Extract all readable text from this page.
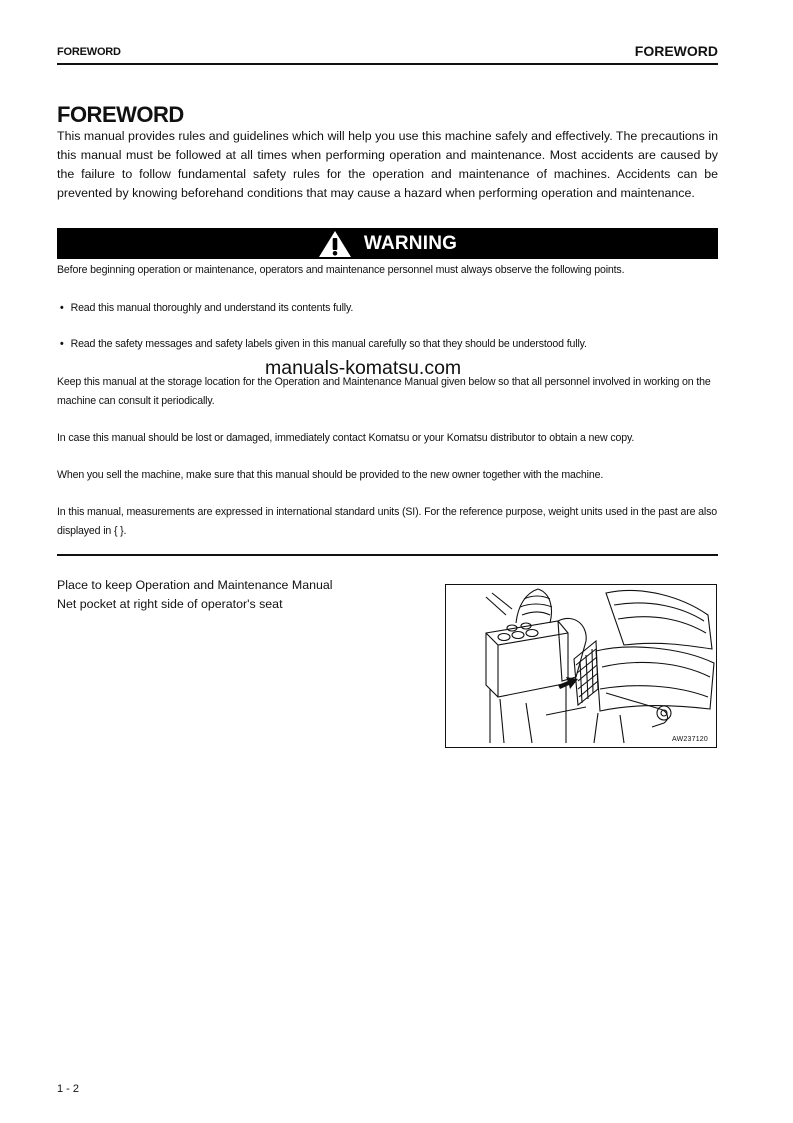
FOREWORD	FOREWORD
FOREWORD

This manual provides rules and guidelines which will help you use this machine safely and effectively. The precautions in this manual must be followed at all times when performing operation and maintenance. Most accidents are caused by the failure to follow fundamental safety rules for the operation and maintenance of machines. Accidents can be prevented by knowing beforehand conditions that may cause a hazard when performing operation and maintenance.

WARNING

Before beginning operation or maintenance, operators and maintenance personnel must always observe the following points.

• Read this manual thoroughly and understand its contents fully.
• Read the safety messages and safety labels given in this manual carefully so that they should be understood fully.

Keep this manual at the storage location for the Operation and Maintenance Manual given below so that all personnel involved in working on the machine can consult it periodically.

In case this manual should be lost or damaged, immediately contact Komatsu or your Komatsu distributor to obtain a new copy.

When you sell the machine, make sure that this manual should be provided to the new owner together with the machine.

In this manual, measurements are expressed in international standard units (SI). For the reference purpose, weight units used in the past are also displayed in { }.

manuals-komatsu.com
Place to keep Operation and Maintenance Manual
Net pocket at right side of operator's seat
AW237120
1 - 2
